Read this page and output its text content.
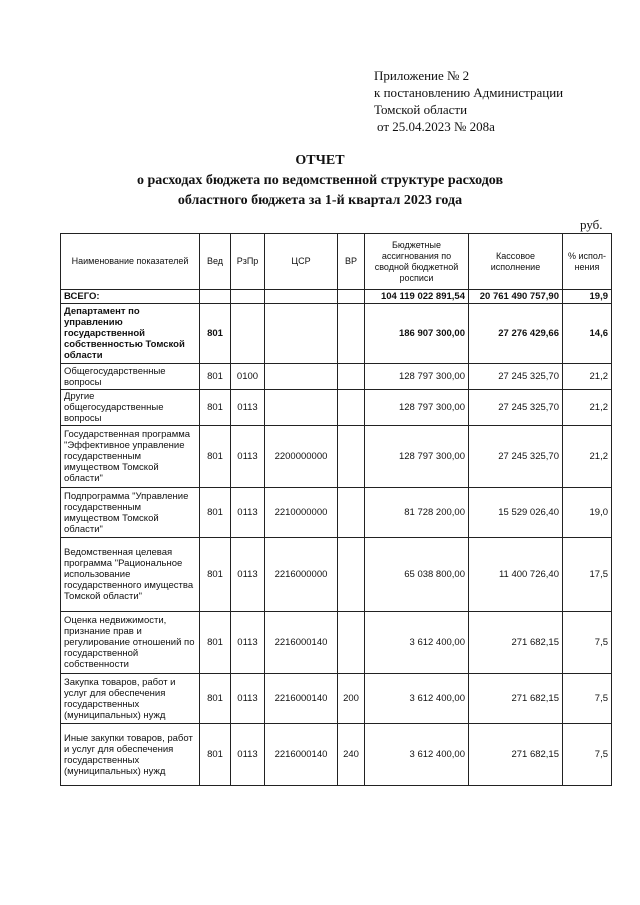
Приложение № 2
к постановлению Администрации
Томской области
от 25.04.2023 № 208а
ОТЧЕТ
о расходах бюджета по ведомственной структуре расходов
областного бюджета за 1-й квартал 2023 года
руб.
Наименование показателей	Вед	РзПр	ЦСР	ВР	Бюджетные ассигнования по сводной бюджетной росписи	Кассовое исполнение	% испол-нения
ВСЕГО:					104 119 022 891,54	20 761 490 757,90	19,9
Департамент по управлению государственной собственностью Томской области	801				186 907 300,00	27 276 429,66	14,6
Общегосударственные вопросы	801	0100			128 797 300,00	27 245 325,70	21,2
Другие общегосударственные вопросы	801	0113			128 797 300,00	27 245 325,70	21,2
Государственная программа "Эффективное управление государственным имуществом Томской области"	801	0113	2200000000		128 797 300,00	27 245 325,70	21,2
Подпрограмма "Управление государственным имуществом Томской области"	801	0113	2210000000		81 728 200,00	15 529 026,40	19,0
Ведомственная целевая программа "Рациональное использование государственного имущества Томской области"	801	0113	2216000000		65 038 800,00	11 400 726,40	17,5
Оценка недвижимости, признание прав и регулирование отношений по государственной собственности	801	0113	2216000140		3 612 400,00	271 682,15	7,5
Закупка товаров, работ и услуг для обеспечения государственных (муниципальных) нужд	801	0113	2216000140	200	3 612 400,00	271 682,15	7,5
Иные закупки товаров, работ и услуг для обеспечения государственных (муниципальных) нужд	801	0113	2216000140	240	3 612 400,00	271 682,15	7,5
